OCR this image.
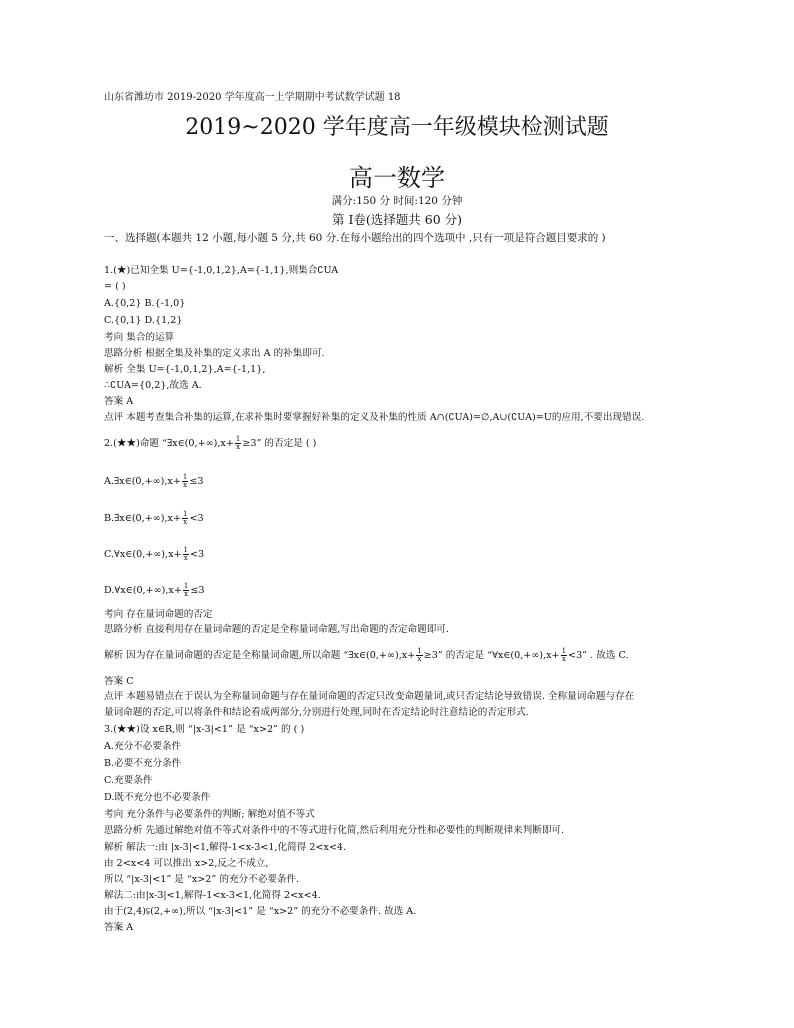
山东省潍坊市 2019-2020 学年度高一上学期期中考试数学试题 18
2019~2020 学年度高一年级模块检测试题
高一数学
满分:150 分 时间:120 分钟
第 Ⅰ卷(选择题共 60 分)
一、选择题(本题共 12 小题,每小题 5 分,共 60 分.在每小题给出的四个选项中 ,只有一项是符合题目要求的 )
1.(★)已知全集 U={-1,0,1,2},A={-1,1},则集合∁UA
= ( )
A.{0,2} B.{-1,0}
C.{0,1} D.{1,2}
考向 集合的运算
思路分析 根据全集及补集的定义求出 A 的补集即可.
解析 全集 U={-1,0,1,2},A={-1,1},
∴∁UA={0,2},故选 A.
答案 A
点评 本题考查集合补集的运算,在求补集时要掌握好补集的定义及补集的性质 A∩(∁UA)=∅,A∪(∁UA)=U的应用,不要出现错误.
2.(★★)命题 “∃x∈(0,+∞),x+ $\frac{1}{x} \ge 3$” 的否定是 ( )
A.∃x∈(0,+∞),x+ $\frac{1}{x} \le 3$
B.∃x∈(0,+∞),x+ $\frac{1}{x} <3$
C.∀x∈(0,+∞),x+ $\frac{1}{x} <3$
D.∀x∈(0,+∞),x+ $\frac{1}{x} \le 3$
考向 存在量词命题的否定
思路分析 直接利用存在量词命题的否定是全称量词命题,写出命题的否定命题即可.
解析 因为存在量词命题的否定是全称量词命题,所以命题 “∃x∈(0,+∞),x+ $\frac{1}{x} \ge 3$” 的否定是 “∀x∈(0,+∞),x+ $\frac{1}{x} <3$” . 故选 C.
答案 C
点评 本题易错点在于误认为全称量词命题与存在量词命题的否定只改变命题量词,或只否定结论导致错误. 全称量词命题与存在
量词命题的否定,可以将条件和结论看成两部分,分别进行处理,同时在否定结论时注意结论的否定形式.
3.(★★)设 x∈R,则 “|x-3|<1” 是 “x>2” 的 ( )
A.充分不必要条件
B.必要不充分条件
C.充要条件
D.既不充分也不必要条件
考向 充分条件与必要条件的判断; 解绝对值不等式
思路分析 先通过解绝对值不等式对条件中的不等式进行化简,然后利用充分性和必要性的判断规律来判断即可.
解析 解法一:由 |x-3|<1,解得-1<x-3<1,化简得 2<x<4.
由 2<x<4 可以推出 x>2,反之不成立,
所以 “|x-3|<1” 是 “x>2” 的充分不必要条件.
解法二:由|x-3|<1,解得-1<x-3<1,化简得 2<x<4.
由于(2,4)⫋(2,+∞),所以 “|x-3|<1” 是 “x>2” 的充分不必要条件. 故选 A.
答案 A
